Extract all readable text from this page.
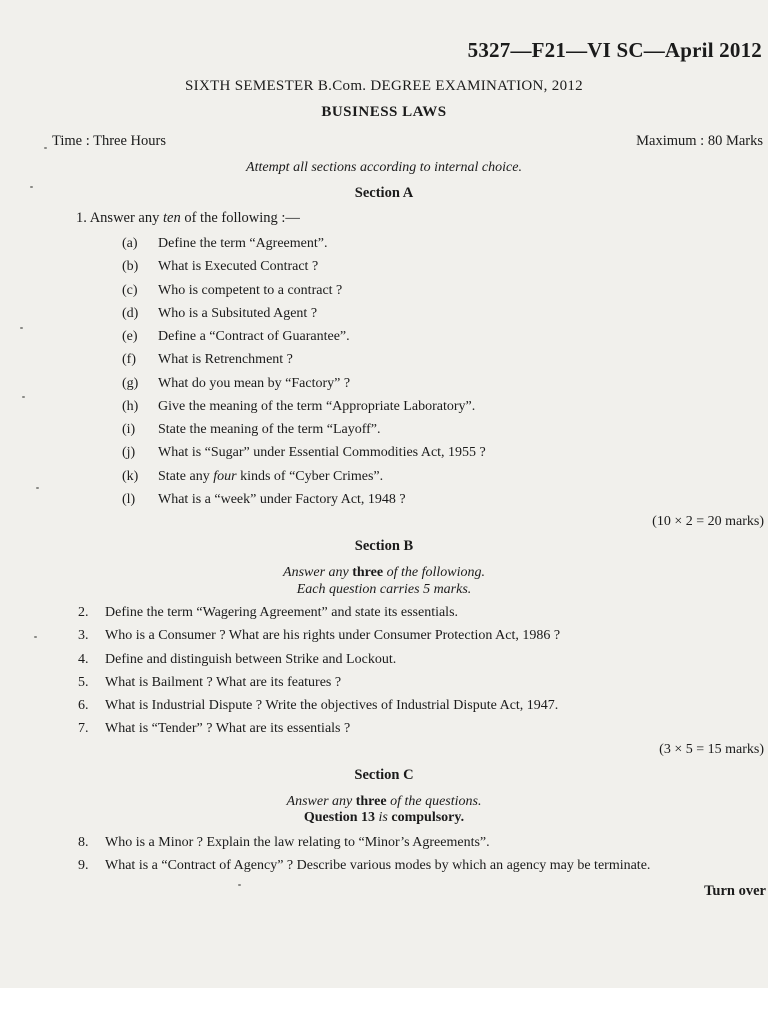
5327—F21—VI SC—April 2012
SIXTH SEMESTER B.Com. DEGREE EXAMINATION, 2012
BUSINESS LAWS
Time : Three Hours	Maximum : 80 Marks
Attempt all sections according to internal choice.
Section A
1. Answer any ten of the following :—
(a) Define the term “Agreement”.
(b) What is Executed Contract ?
(c) Who is competent to a contract ?
(d) Who is a Subsituted Agent ?
(e) Define a “Contract of Guarantee”.
(f) What is Retrenchment ?
(g) What do you mean by “Factory” ?
(h) Give the meaning of the term “Appropriate Laboratory”.
(i) State the meaning of the term “Layoff”.
(j) What is “Sugar” under Essential Commodities Act, 1955 ?
(k) State any four kinds of “Cyber Crimes”.
(l) What is a “week” under Factory Act, 1948 ?
(10 × 2 = 20 marks)
Section B
Answer any three of the followiong.
Each question carries 5 marks.
2. Define the term “Wagering Agreement” and state its essentials.
3. Who is a Consumer ? What are his rights under Consumer Protection Act, 1986 ?
4. Define and distinguish between Strike and Lockout.
5. What is Bailment ? What are its features ?
6. What is Industrial Dispute ? Write the objectives of Industrial Dispute Act, 1947.
7. What is “Tender” ? What are its essentials ?
(3 × 5 = 15 marks)
Section C
Answer any three of the questions.
Question 13 is compulsory.
8. Who is a Minor ? Explain the law relating to “Minor’s Agreements”.
9. What is a “Contract of Agency” ? Describe various modes by which an agency may be terminate.
Turn over
